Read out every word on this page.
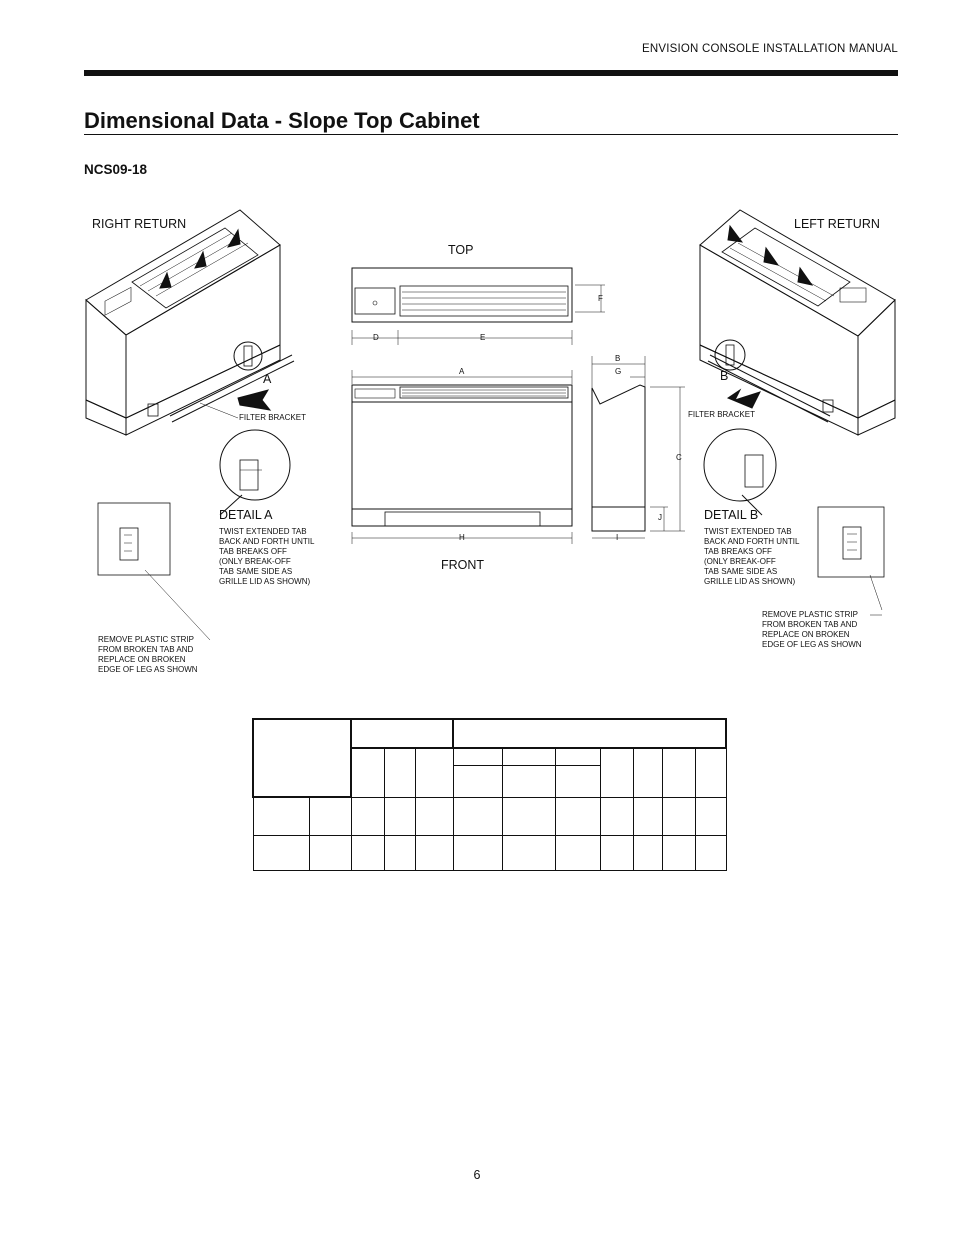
ENVISION CONSOLE INSTALLATION MANUAL
Dimensional Data - Slope Top Cabinet
NCS09-18
RIGHT RETURN	LEFT RETURN
TOP
FRONT
A	B
FILTER BRACKET	FILTER BRACKET
DETAIL A	DETAIL B
TWIST EXTENDED TAB
BACK AND FORTH UNTIL
TAB BREAKS OFF
(ONLY BREAK-OFF
TAB SAME SIDE AS
GRILLE LID AS SHOWN)
TWIST EXTENDED TAB
BACK AND FORTH UNTIL
TAB BREAKS OFF
(ONLY BREAK-OFF
TAB SAME SIDE AS
GRILLE LID AS SHOWN)
REMOVE PLASTIC STRIP
FROM BROKEN TAB AND
REPLACE ON BROKEN
EDGE OF LEG AS SHOWN
REMOVE PLASTIC STRIP
FROM BROKEN TAB AND
REPLACE ON BROKEN
EDGE OF LEG AS SHOWN
D	E
F
A
B
G
C
J
H	I

6
